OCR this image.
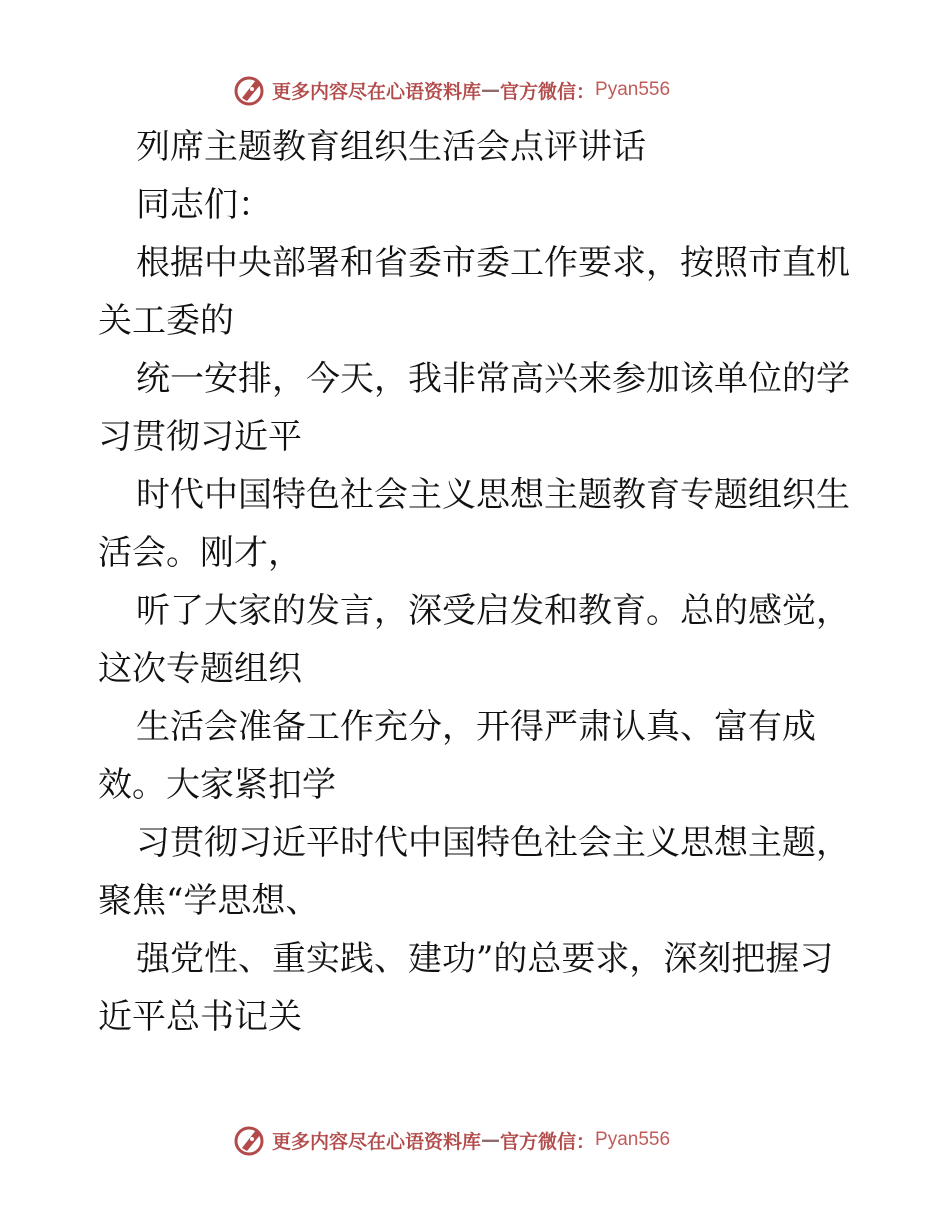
更多内容尽在心语资料库 — 官方微信： Pyan556
列席主题教育组织生活会点评讲话
同志们：
根据中央部署和省委市委工作要求，按照市直机
关工委的
统一安排，今天，我非常高兴来参加该单位的学
习贯彻习近平
时代中国特色社会主义思想主题教育专题组织生
活会。刚才，
听了大家的发言，深受启发和教育。总的感觉，
这次专题组织
生活会准备工作充分，开得严肃认真、富有成
效。大家紧扣学
习贯彻习近平时代中国特色社会主义思想主题，
聚焦“学思想、
强党性、重实践、建功”的总要求，深刻把握习
近平总书记关
更多内容尽在心语资料库 — 官方微信： Pyan556
